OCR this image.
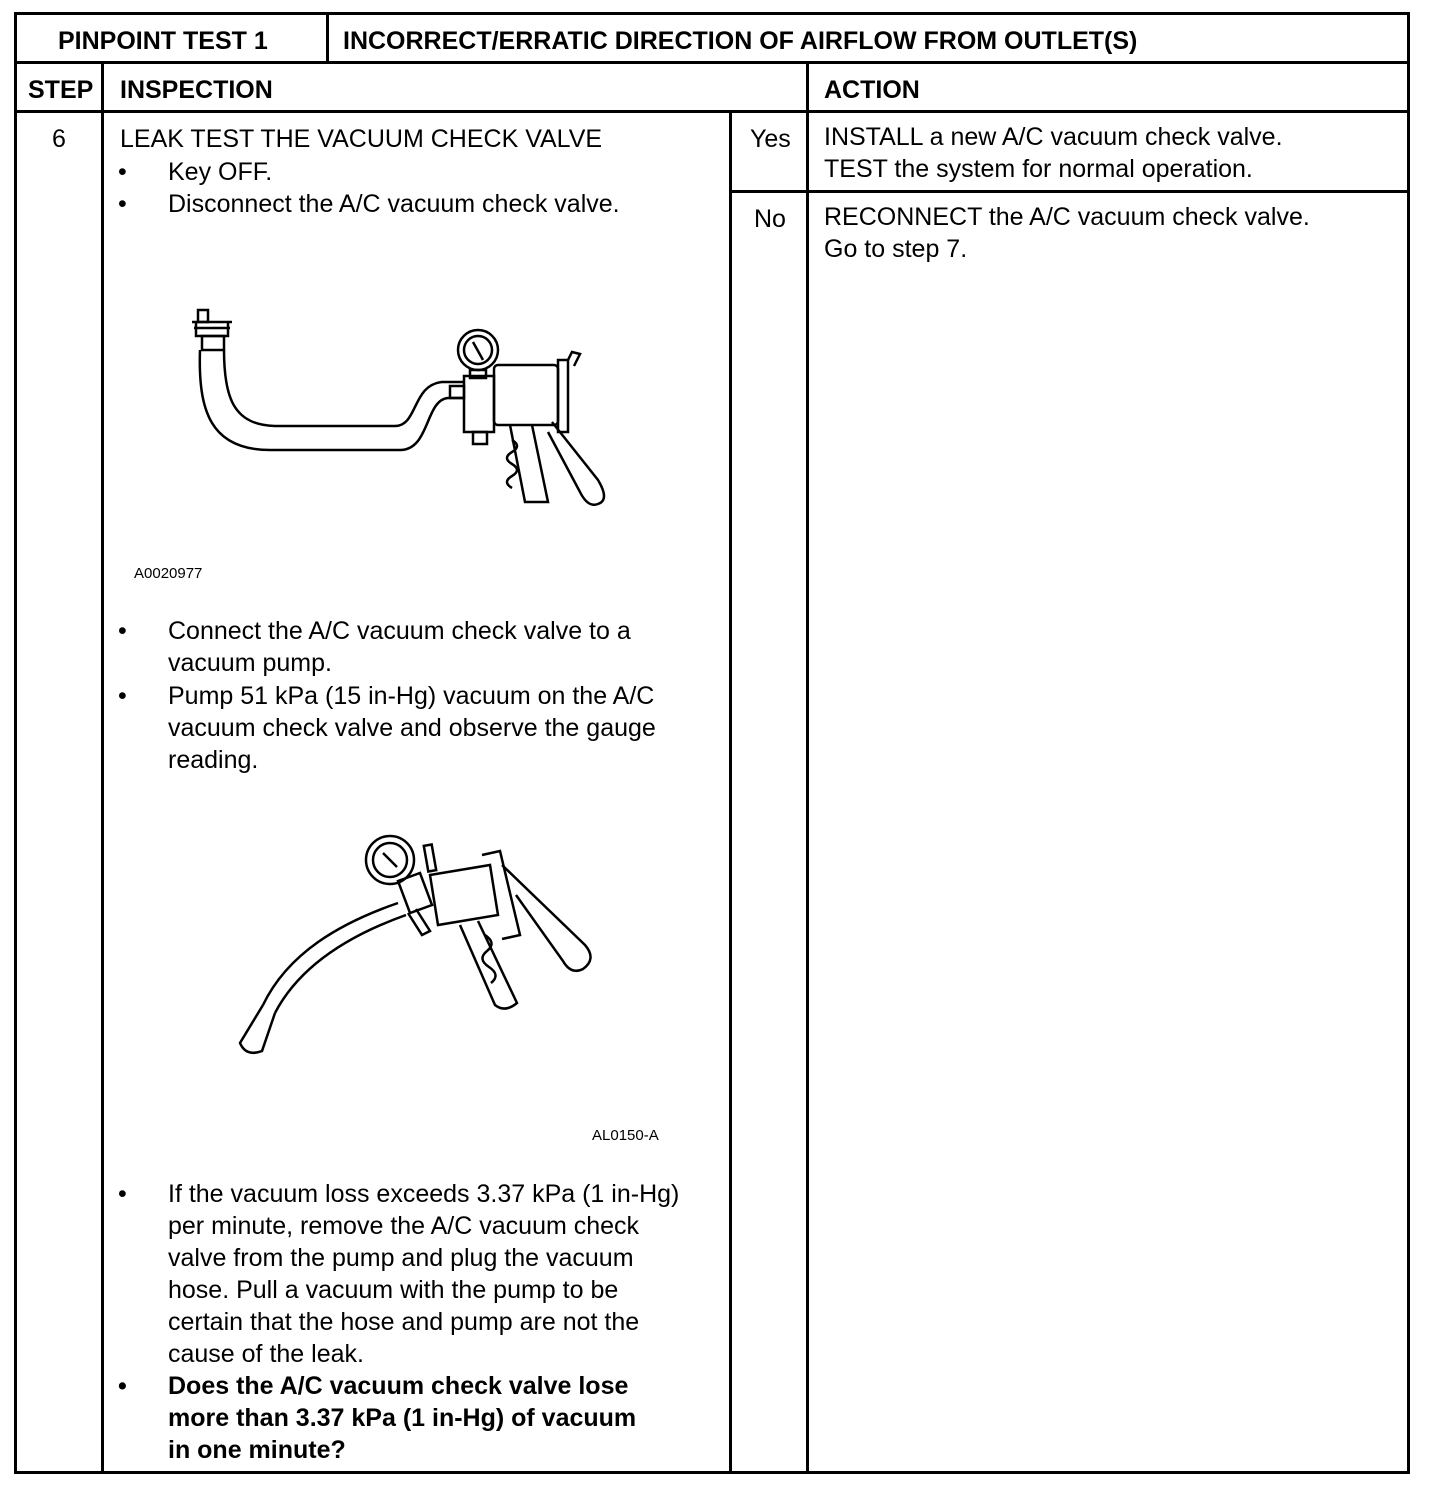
PINPOINT TEST 1	INCORRECT/ERRATIC DIRECTION OF AIRFLOW FROM OUTLET(S)
STEP INSPECTION	ACTION
6 LEAK TEST THE VACUUM CHECK VALVE
•	Key OFF.
•	Disconnect the A/C vacuum check valve.
A0020977
•	Connect the A/C vacuum check valve to a
vacuum pump.
•	Pump 51 kPa (15 in-Hg) vacuum on the A/C
vacuum check valve and observe the gauge
reading.
AL0150-A
•	If the vacuum loss exceeds 3.37 kPa (1 in-Hg)
per minute, remove the A/C vacuum check
valve from the pump and plug the vacuum
hose. Pull a vacuum with the pump to be
certain that the hose and pump are not the
cause of the leak.
•	Does the A/C vacuum check valve lose
more than 3.37 kPa (1 in-Hg) of vacuum
in one minute?
Yes INSTALL a new A/C vacuum check valve.
TEST the system for normal operation.
No RECONNECT the A/C vacuum check valve.
Go to step 7.
